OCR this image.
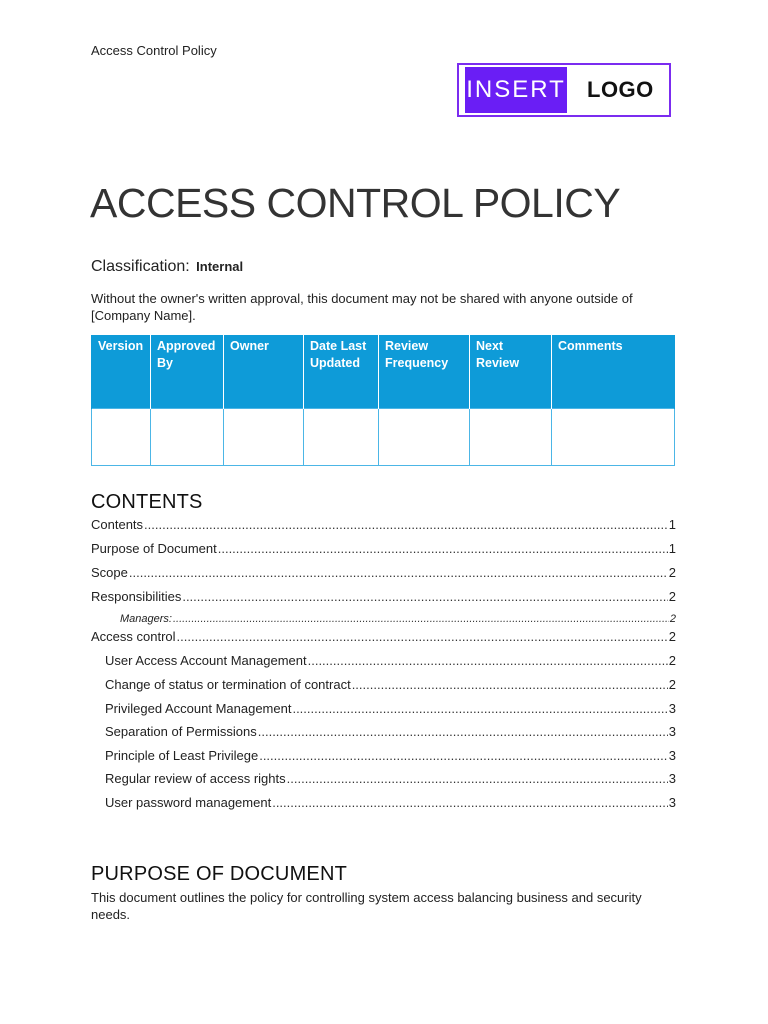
Access Control Policy
INSERT LOGO
ACCESS CONTROL POLICY
Classification: Internal
Without the owner's written approval, this document may not be shared with anyone outside of [Company Name].
Version	Approved By	Owner	Date Last Updated	Review Frequency	Next Review	Comments

CONTENTS
Contents .....	1
Purpose of Document .....	1
Scope .....	2
Responsibilities .....	2
Managers: .....	2
Access control .....	2
User Access Account Management .....	2
Change of status or termination of contract .....	2
Privileged Account Management .....	3
Separation of Permissions .....	3
Principle of Least Privilege .....	3
Regular review of access rights .....	3
User password management .....	3
PURPOSE OF DOCUMENT
This document outlines the policy for controlling system access balancing business and security needs.
